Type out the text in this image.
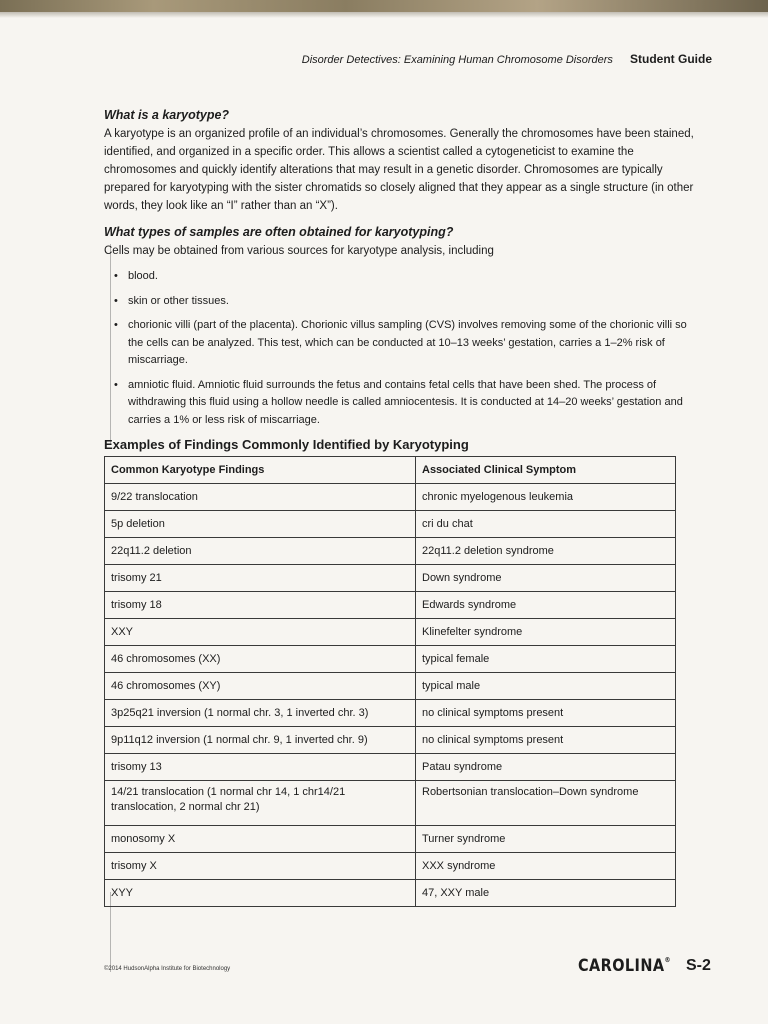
Disorder Detectives: Examining Human Chromosome Disorders Student Guide
What is a karyotype?

A karyotype is an organized profile of an individual’s chromosomes. Generally the chromosomes have been stained, identified, and organized in a specific order. This allows a scientist called a cytogeneticist to examine the chromosomes and quickly identify alterations that may result in a genetic disorder. Chromosomes are typically prepared for karyotyping with the sister chromatids so closely aligned that they appear as a single structure (in other words, they look like an “I” rather than an “X”).

What types of samples are often obtained for karyotyping?

Cells may be obtained from various sources for karyotype analysis, including

• blood.
• skin or other tissues.
• chorionic villi (part of the placenta). Chorionic villus sampling (CVS) involves removing some of the chorionic villi so the cells can be analyzed. This test, which can be conducted at 10–13 weeks’ gestation, carries a 1–2% risk of miscarriage.
• amniotic fluid. Amniotic fluid surrounds the fetus and contains fetal cells that have been shed. The process of withdrawing this fluid using a hollow needle is called amniocentesis. It is conducted at 14–20 weeks’ gestation and carries a 1% or less risk of miscarriage.
Examples of Findings Commonly Identified by Karyotyping
Common Karyotype Findings	Associated Clinical Symptom
9/22 translocation	chronic myelogenous leukemia
5p deletion	cri du chat
22q11.2 deletion	22q11.2 deletion syndrome
trisomy 21	Down syndrome
trisomy 18	Edwards syndrome
XXY	Klinefelter syndrome
46 chromosomes (XX)	typical female
46 chromosomes (XY)	typical male
3p25q21 inversion (1 normal chr. 3, 1 inverted chr. 3)	no clinical symptoms present
9p11q12 inversion (1 normal chr. 9, 1 inverted chr. 9)	no clinical symptoms present
trisomy 13	Patau syndrome
14/21 translocation (1 normal chr 14, 1 chr14/21 translocation, 2 normal chr 21)	Robertsonian translocation–Down syndrome
monosomy X	Turner syndrome
trisomy X	XXX syndrome
XYY	47, XXY male
©2014 HudsonAlpha Institute for Biotechnology	CAROLINA® S-2
